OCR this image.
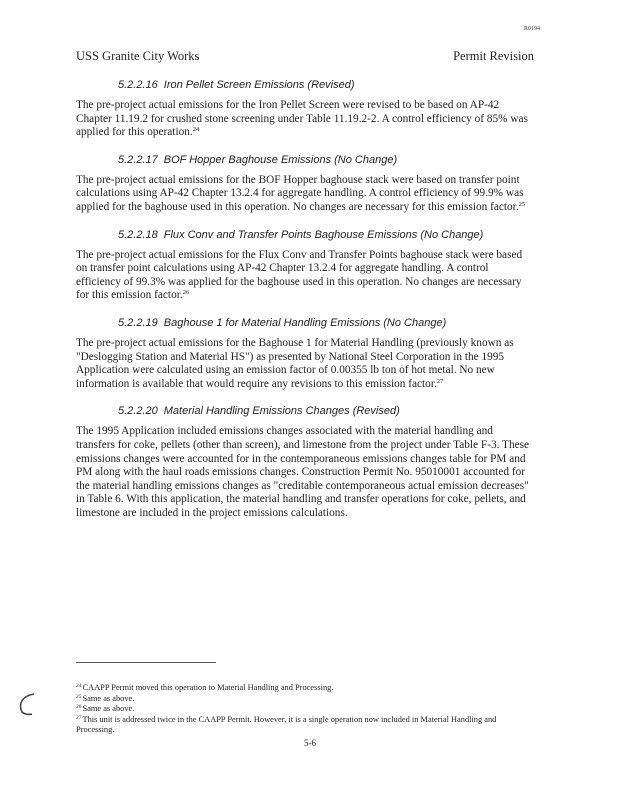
R0194
USS Granite City Works	Permit Revision
5.2.2.16 Iron Pellet Screen Emissions (Revised)

The pre-project actual emissions for the Iron Pellet Screen were revised to be based on AP-42 Chapter 11.19.2 for crushed stone screening under Table 11.19.2-2. A control efficiency of 85% was applied for this operation.$^{24}$

5.2.2.17 BOF Hopper Baghouse Emissions (No Change)

The pre-project actual emissions for the BOF Hopper baghouse stack were based on transfer point calculations using AP-42 Chapter 13.2.4 for aggregate handling. A control efficiency of 99.9% was applied for the baghouse used in this operation. No changes are necessary for this emission factor.$^{25}$

5.2.2.18 Flux Conv and Transfer Points Baghouse Emissions (No Change)

The pre-project actual emissions for the Flux Conv and Transfer Points baghouse stack were based on transfer point calculations using AP-42 Chapter 13.2.4 for aggregate handling. A control efficiency of 99.3% was applied for the baghouse used in this operation. No changes are necessary for this emission factor.$^{26}$

5.2.2.19 Baghouse 1 for Material Handling Emissions (No Change)

The pre-project actual emissions for the Baghouse 1 for Material Handling (previously known as "Deslogging Station and Material HS") as presented by National Steel Corporation in the 1995 Application were calculated using an emission factor of 0.00355 lb ton of hot metal. No new information is available that would require any revisions to this emission factor.$^{27}$

5.2.2.20 Material Handling Emissions Changes (Revised)

The 1995 Application included emissions changes associated with the material handling and transfers for coke, pellets (other than screen), and limestone from the project under Table F-3. These emissions changes were accounted for in the contemporaneous emissions changes table for PM and PM along with the haul roads emissions changes. Construction Permit No. 95010001 accounted for the material handling emissions changes as "creditable contemporaneous actual emission decreases" in Table 6. With this application, the material handling and transfer operations for coke, pellets, and limestone are included in the project emissions calculations.

$^{24}$CAAPP Permit moved this operation to Material Handling and Processing.

$^{25}$Same as above.

$^{26}$Same as above.

$^{27}$This unit is addressed twice in the CAAPP Permit. However, it is a single operation now included in Material Handling and Processing.

5-6
